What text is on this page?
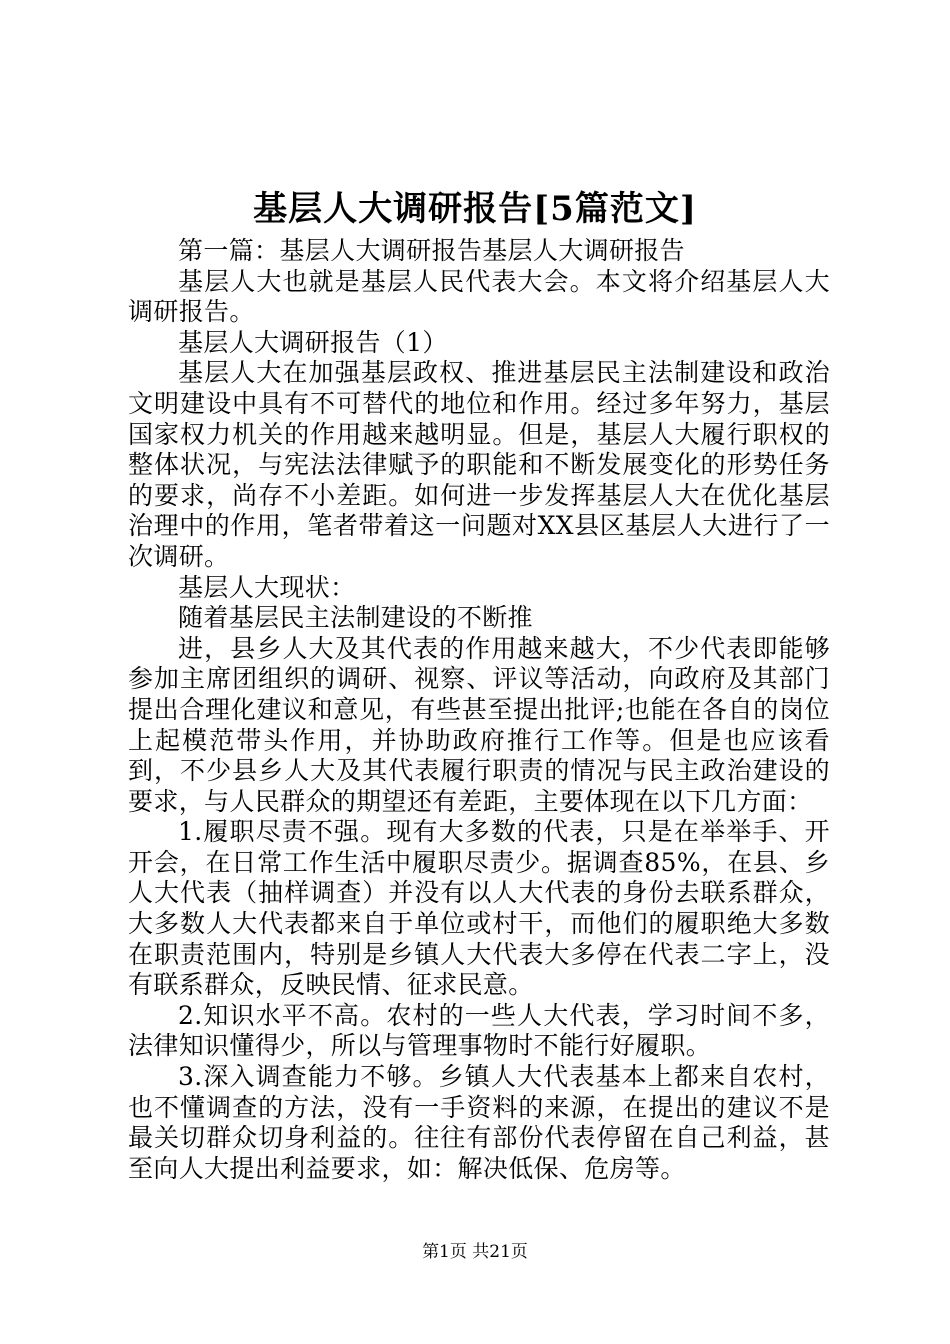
基层人大调研报告[5篇范文]

第一篇：基层人大调研报告基层人大调研报告

基层人大也就是基层人民代表大会。本文将介绍基层人大调研报告。

基层人大调研报告（1）

基层人大在加强基层政权、推进基层民主法制建设和政治文明建设中具有不可替代的地位和作用。经过多年努力，基层国家权力机关的作用越来越明显。但是，基层人大履行职权的整体状况，与宪法法律赋予的职能和不断发展变化的形势任务的要求，尚存不小差距。如何进一步发挥基层人大在优化基层治理中的作用，笔者带着这一问题对XX县区基层人大进行了一次调研。

基层人大现状：

随着基层民主法制建设的不断推

进，县乡人大及其代表的作用越来越大，不少代表即能够参加主席团组织的调研、视察、评议等活动，向政府及其部门提出合理化建议和意见，有些甚至提出批评;也能在各自的岗位上起模范带头作用，并协助政府推行工作等。但是也应该看到，不少县乡人大及其代表履行职责的情况与民主政治建设的要求，与人民群众的期望还有差距，主要体现在以下几方面：

1.履职尽责不强。现有大多数的代表，只是在举举手、开开会，在日常工作生活中履职尽责少。据调查85%，在县、乡人大代表（抽样调查）并没有以人大代表的身份去联系群众，大多数人大代表都来自于单位或村干，而他们的履职绝大多数在职责范围内，特别是乡镇人大代表大多停在代表二字上，没有联系群众，反映民情、征求民意。

2.知识水平不高。农村的一些人大代表，学习时间不多，法律知识懂得少，所以与管理事物时不能行好履职。

3.深入调查能力不够。乡镇人大代表基本上都来自农村，也不懂调查的方法，没有一手资料的来源，在提出的建议不是最关切群众切身利益的。往往有部份代表停留在自己利益，甚至向人大提出利益要求，如：解决低保、危房等。

第1页 共21页
